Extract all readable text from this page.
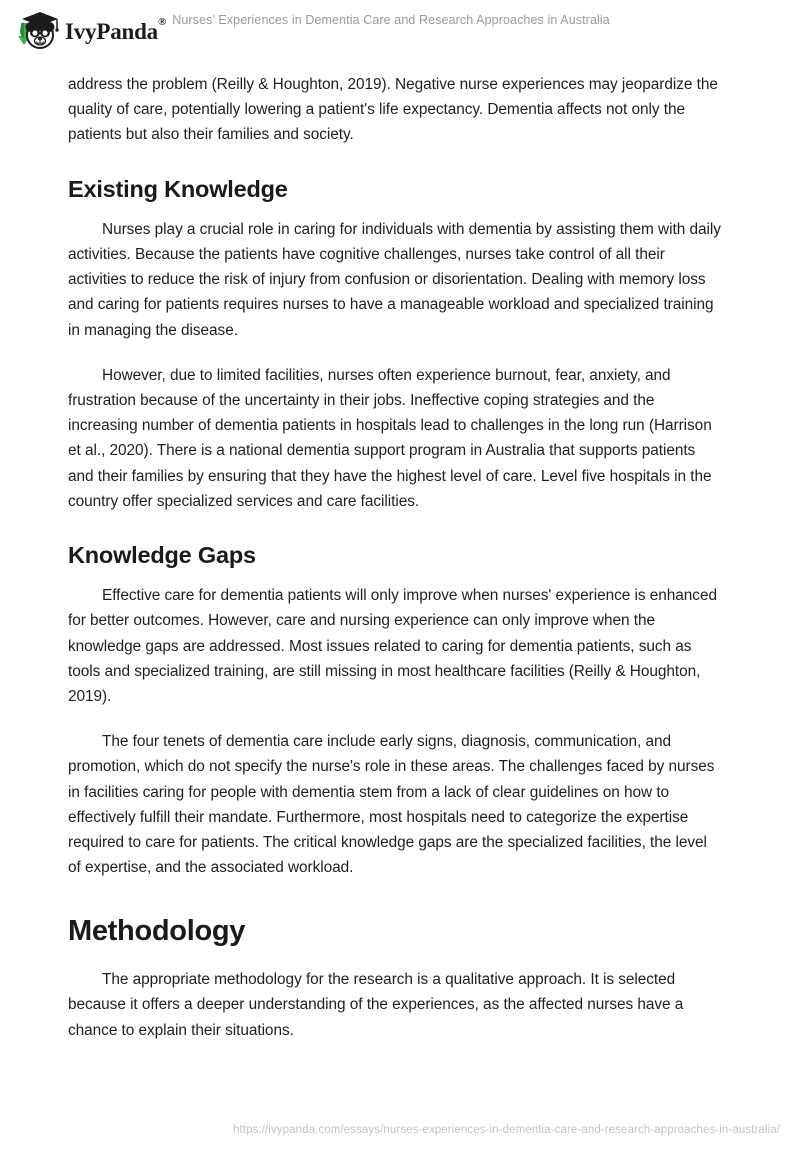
IvyPanda® Nurses’ Experiences in Dementia Care and Research Approaches in Australia

address the problem (Reilly & Houghton, 2019). Negative nurse experiences may jeopardize the quality of care, potentially lowering a patient's life expectancy. Dementia affects not only the patients but also their families and society.

Existing Knowledge

Nurses play a crucial role in caring for individuals with dementia by assisting them with daily activities. Because the patients have cognitive challenges, nurses take control of all their activities to reduce the risk of injury from confusion or disorientation. Dealing with memory loss and caring for patients requires nurses to have a manageable workload and specialized training in managing the disease.

However, due to limited facilities, nurses often experience burnout, fear, anxiety, and frustration because of the uncertainty in their jobs. Ineffective coping strategies and the increasing number of dementia patients in hospitals lead to challenges in the long run (Harrison et al., 2020). There is a national dementia support program in Australia that supports patients and their families by ensuring that they have the highest level of care. Level five hospitals in the country offer specialized services and care facilities.

Knowledge Gaps

Effective care for dementia patients will only improve when nurses' experience is enhanced for better outcomes. However, care and nursing experience can only improve when the knowledge gaps are addressed. Most issues related to caring for dementia patients, such as tools and specialized training, are still missing in most healthcare facilities (Reilly & Houghton, 2019).

The four tenets of dementia care include early signs, diagnosis, communication, and promotion, which do not specify the nurse's role in these areas. The challenges faced by nurses in facilities caring for people with dementia stem from a lack of clear guidelines on how to effectively fulfill their mandate. Furthermore, most hospitals need to categorize the expertise required to care for patients. The critical knowledge gaps are the specialized facilities, the level of expertise, and the associated workload.

Methodology

The appropriate methodology for the research is a qualitative approach. It is selected because it offers a deeper understanding of the experiences, as the affected nurses have a chance to explain their situations.

https://ivypanda.com/essays/nurses-experiences-in-dementia-care-and-research-approaches-in-australia/
